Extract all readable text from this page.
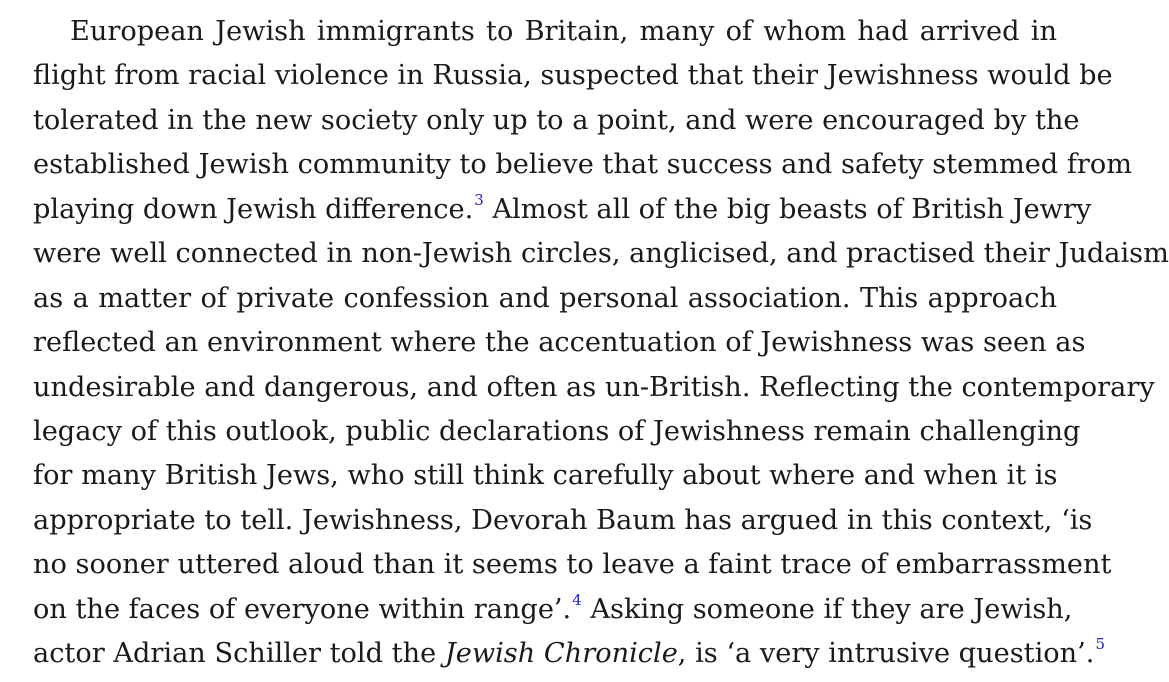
European Jewish immigrants to Britain, many of whom had arrived in
flight from racial violence in Russia, suspected that their Jewishness would be
tolerated in the new society only up to a point, and were encouraged by the
established Jewish community to believe that success and safety stemmed from
playing down Jewish difference.$^3$ Almost all of the big beasts of British Jewry
were well connected in non-Jewish circles, anglicised, and practised their Judaism
as a matter of private confession and personal association. This approach
reflected an environment where the accentuation of Jewishness was seen as
undesirable and dangerous, and often as un-British. Reflecting the contemporary
legacy of this outlook, public declarations of Jewishness remain challenging
for many British Jews, who still think carefully about where and when it is
appropriate to tell. Jewishness, Devorah Baum has argued in this context, ‘is
no sooner uttered aloud than it seems to leave a faint trace of embarrassment
on the faces of everyone within range’.$^4$ Asking someone if they are Jewish,
actor Adrian Schiller told the Jewish Chronicle, is ‘a very intrusive question’.$^5$
